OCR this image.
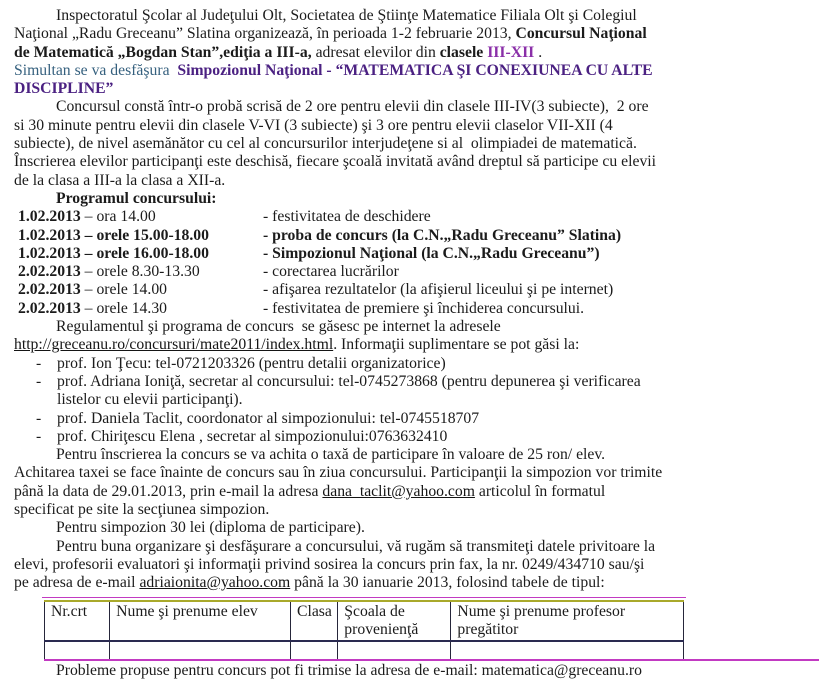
Inspectoratul Şcolar al Judeţului Olt, Societatea de Ştiinţe Matematice Filiala Olt şi Colegiul
Naţional „Radu Greceanu” Slatina organizează, în perioada 1-2 februarie 2013, Concursul Naţional
de Matematică „Bogdan Stan”,ediţia a III-a, adresat elevilor din clasele III-XII .
Simultan se va desfăşura  Simpozionul Naţional - “MATEMATICA ŞI CONEXIUNEA CU ALTE
DISCIPLINE”
Concursul constă într-o probă scrisă de 2 ore pentru elevii din clasele III-IV(3 subiecte),  2 ore
si 30 minute pentru elevii din clasele V-VI (3 subiecte) şi 3 ore pentru elevii claselor VII-XII (4
subiecte), de nivel asemănător cu cel al concursurilor interjudeţene si al  olimpiadei de matematică.
Înscrierea elevilor participanţi este deschisă, fiecare şcoală invitată având dreptul să participe cu elevii
de la clasa a III-a la clasa a XII-a.
Programul concursului:
1.02.2013 – ora 14.00	- festivitatea de deschidere
1.02.2013 – orele 15.00-18.00	- proba de concurs (la C.N.„Radu Greceanu” Slatina)
1.02.2013 – orele 16.00-18.00	- Simpozionul Naţional (la C.N.„Radu Greceanu”)
2.02.2013 – orele 8.30-13.30	- corectarea lucrărilor
2.02.2013 – orele 14.00	- afişarea rezultatelor (la afişierul liceului şi pe internet)
2.02.2013 – orele 14.30	- festivitatea de premiere şi închiderea concursului.
Regulamentul şi programa de concurs  se găsesc pe internet la adresele
http://greceanu.ro/concursuri/mate2011/index.html. Informaţii suplimentare se pot găsi la:
- prof. Ion Ţecu: tel-0721203326 (pentru detalii organizatorice)
- prof. Adriana Ioniţă, secretar al concursului: tel-0745273868 (pentru depunerea şi verificarea
listelor cu elevii participanţi).
- prof. Daniela Taclit, coordonator al simpozionului: tel-0745518707
- prof. Chiriţescu Elena , secretar al simpozionului:0763632410
Pentru înscrierea la concurs se va achita o taxă de participare în valoare de 25 ron/ elev.
Achitarea taxei se face înainte de concurs sau în ziua concursului. Participanţii la simpozion vor trimite
până la data de 29.01.2013, prin e-mail la adresa dana_taclit@yahoo.com articolul în formatul
specificat pe site la secţiunea simpozion.
Pentru simpozion 30 lei (diploma de participare).
Pentru buna organizare şi desfăşurare a concursului, vă rugăm să transmiteţi datele privitoare la
elevi, profesorii evaluatori şi informaţii privind sosirea la concurs prin fax, la nr. 0249/434710 sau/şi
pe adresa de e-mail adriaionita@yahoo.com până la 30 ianuarie 2013, folosind tabele de tipul:
Nr.crt	Nume şi prenume elev	Clasa	Şcoala de provenienţă	Nume şi prenume profesor pregătitor

Probleme propuse pentru concurs pot fi trimise la adresa de e-mail: matematica@greceanu.ro
